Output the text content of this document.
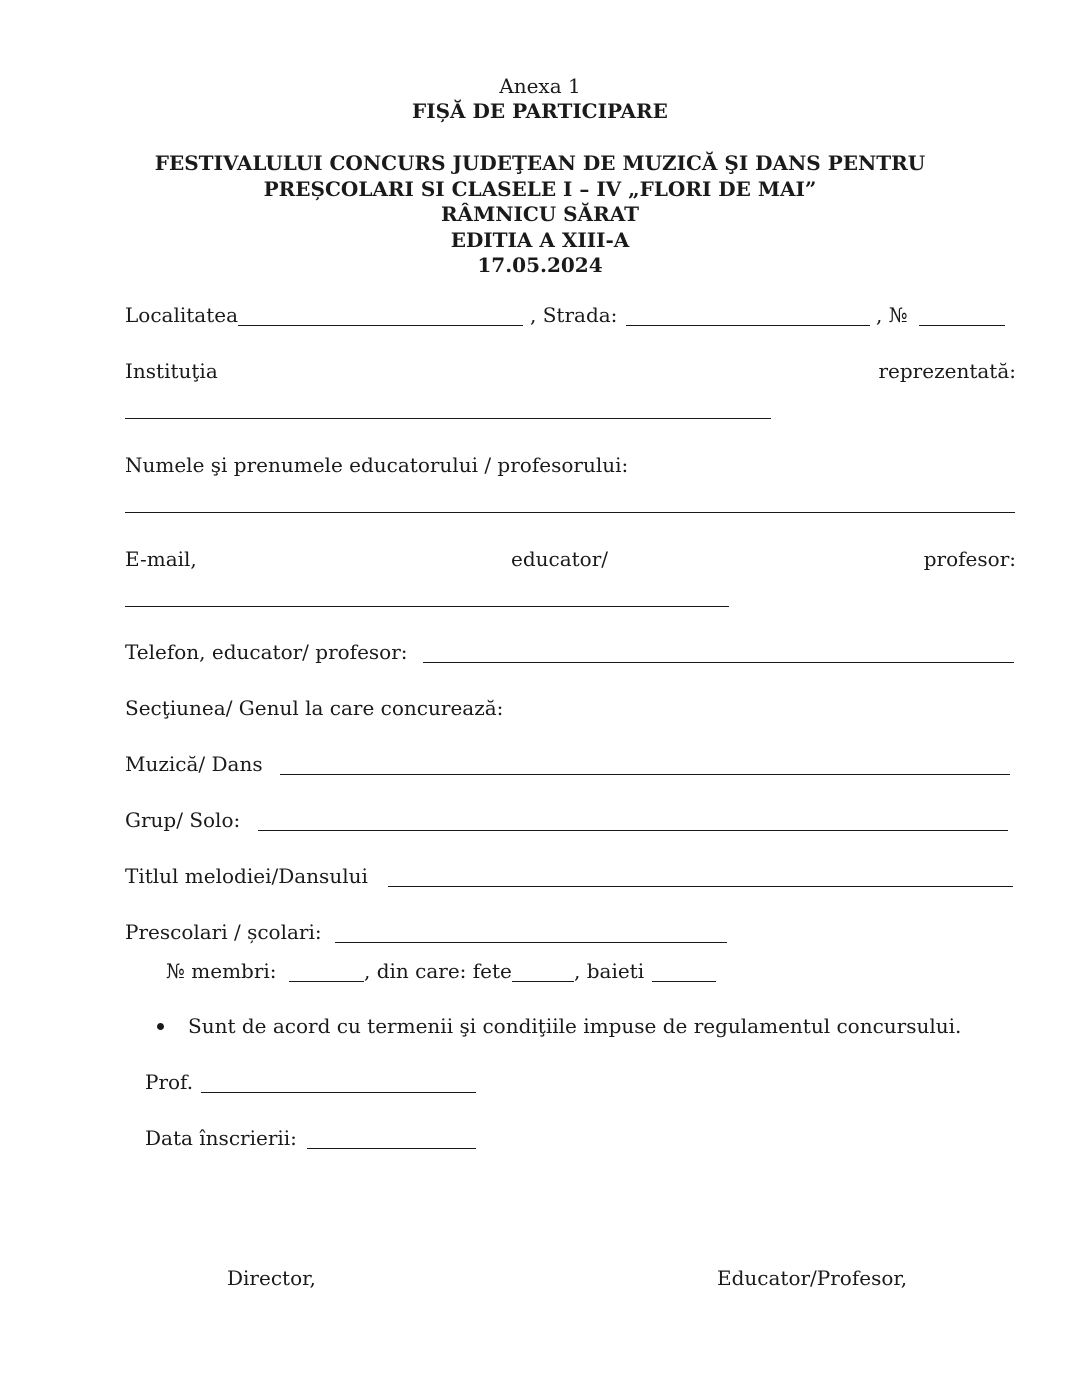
Anexa 1
FIȘĂ DE PARTICIPARE
FESTIVALULUI CONCURS JUDEŢEAN DE MUZICĂ ŞI DANS PENTRU
PREȘCOLARI SI CLASELE I – IV „FLORI DE MAI”
RÂMNICU SĂRAT
EDITIA A XIII-A
17.05.2024
Localitatea	, Strada:	, №
Instituţia	reprezentată:
Numele şi prenumele educatorului / profesorului:
E-mail,	educator/	profesor:
Telefon, educator/ profesor:
Secţiunea/ Genul la care concurează:
Muzică/ Dans
Grup/ Solo:
Titlul melodiei/Dansului
Prescolari / școlari:
№ membri:	, din care: fete	, baieti
Sunt de acord cu termenii şi condiţiile impuse de regulamentul concursului.
Prof.
Data înscrierii:
Director,	Educator/Profesor,
